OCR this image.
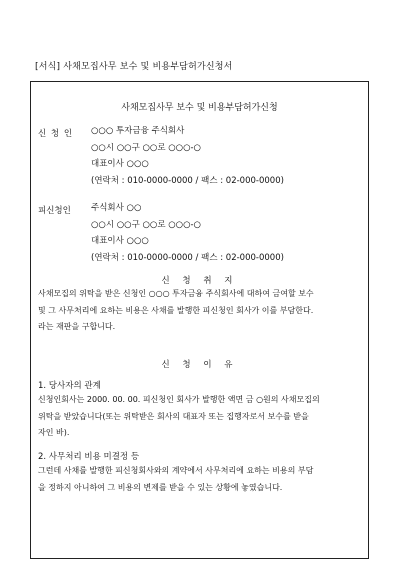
[서식] 사채모집사무 보수 및 비용부담허가신청서
사채모집사무 보수 및 비용부담허가신청
신 청 인 ○○○ 투자금융 주식회사
○○시 ○○구 ○○로 ○○○-○
대표이사 ○○○
(연락처 : 010-0000-0000 / 팩스 : 02-000-0000)
피신청인 주식회사 ○○
○○시 ○○구 ○○로 ○○○-○
대표이사 ○○○
(연락처 : 010-0000-0000 / 팩스 : 02-000-0000)
신 청 취 지
사채모집의 위탁을 받은 신청인 ○○○ 투자금융 주식회사에 대하여 금여할 보수
및 그 사무처리에 요하는 비용은 사채를 발행한 피신청인 회사가 이를 부담한다.
라는 재판을 구합니다.
신 청 이 유
1. 당사자의 관계
신청인회사는 2000. 00. 00. 피신청인 회사가 발행한 액면 금 ○원의 사채모집의
위탁을 받았습니다(또는 위탁받은 회사의 대표자 또는 집행자로서 보수를 받을
자인 바).
2. 사무처리 비용 미결정 등
그런데 사채를 발행한 피신청회사와의 계약에서 사무처리에 요하는 비용의 부담
을 정하지 아니하여 그 비용의 변제를 받을 수 있는 상황에 놓였습니다.
